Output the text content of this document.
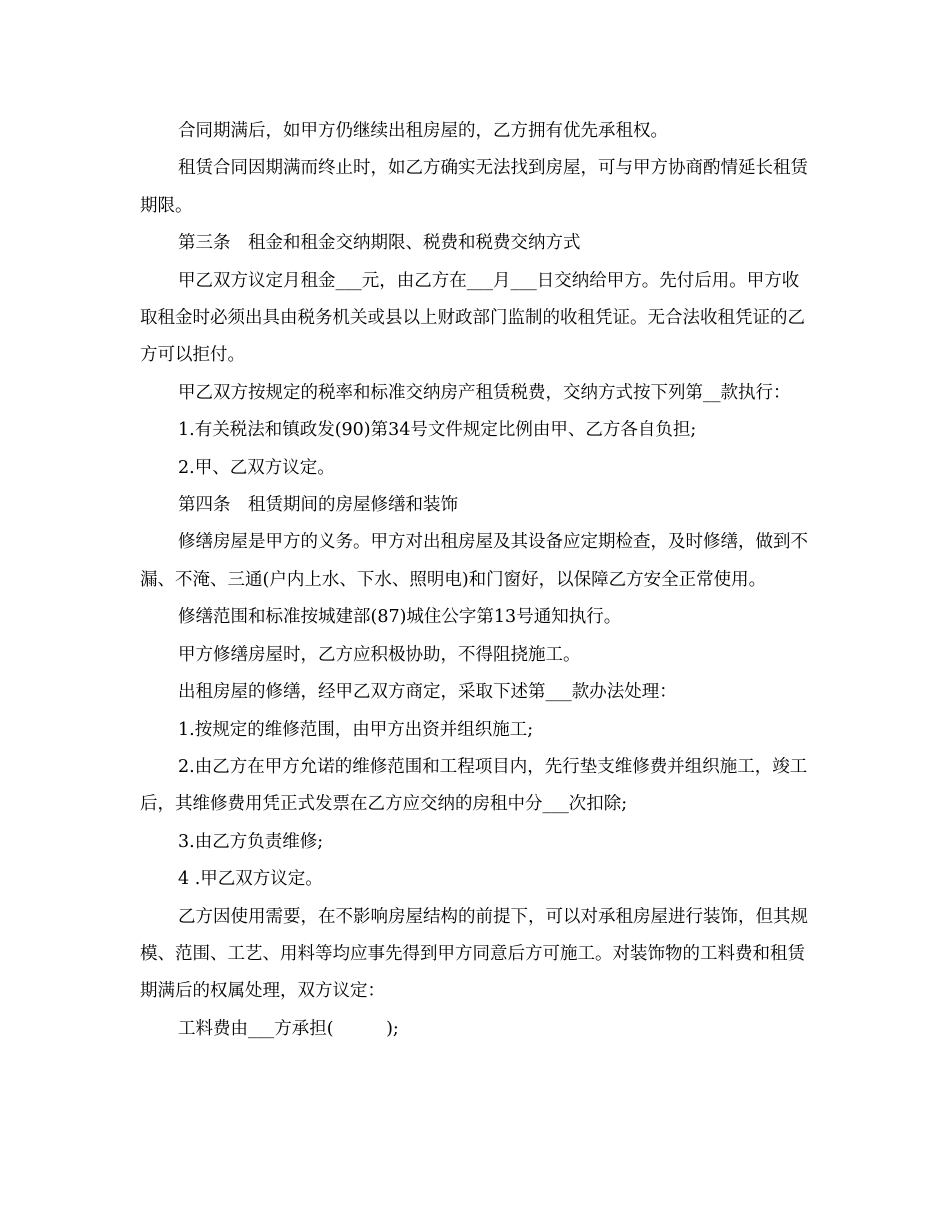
合同期满后，如甲方仍继续出租房屋的，乙方拥有优先承租权。

租赁合同因期满而终止时，如乙方确实无法找到房屋，可与甲方协商酌情延长租赁期限。

第三条　租金和租金交纳期限、税费和税费交纳方式

甲乙双方议定月租金___元，由乙方在___月___日交纳给甲方。先付后用。甲方收取租金时必须出具由税务机关或县以上财政部门监制的收租凭证。无合法收租凭证的乙方可以拒付。

甲乙双方按规定的税率和标准交纳房产租赁税费，交纳方式按下列第__款执行：

1.有关税法和镇政发(90)第34号文件规定比例由甲、乙方各自负担;

2.甲、乙双方议定。

第四条　租赁期间的房屋修缮和装饰

修缮房屋是甲方的义务。甲方对出租房屋及其设备应定期检查，及时修缮，做到不漏、不淹、三通(户内上水、下水、照明电)和门窗好，以保障乙方安全正常使用。

修缮范围和标准按城建部(87)城住公字第13号通知执行。

甲方修缮房屋时，乙方应积极协助，不得阻挠施工。

出租房屋的修缮，经甲乙双方商定，采取下述第___款办法处理：

1.按规定的维修范围，由甲方出资并组织施工;

2.由乙方在甲方允诺的维修范围和工程项目内，先行垫支维修费并组织施工，竣工后，其维修费用凭正式发票在乙方应交纳的房租中分___次扣除;

3.由乙方负责维修;

4 .甲乙双方议定。

乙方因使用需要，在不影响房屋结构的前提下，可以对承租房屋进行装饰，但其规模、范围、工艺、用料等均应事先得到甲方同意后方可施工。对装饰物的工料费和租赁期满后的权属处理，双方议定：

工料费由___方承担(　　　);
